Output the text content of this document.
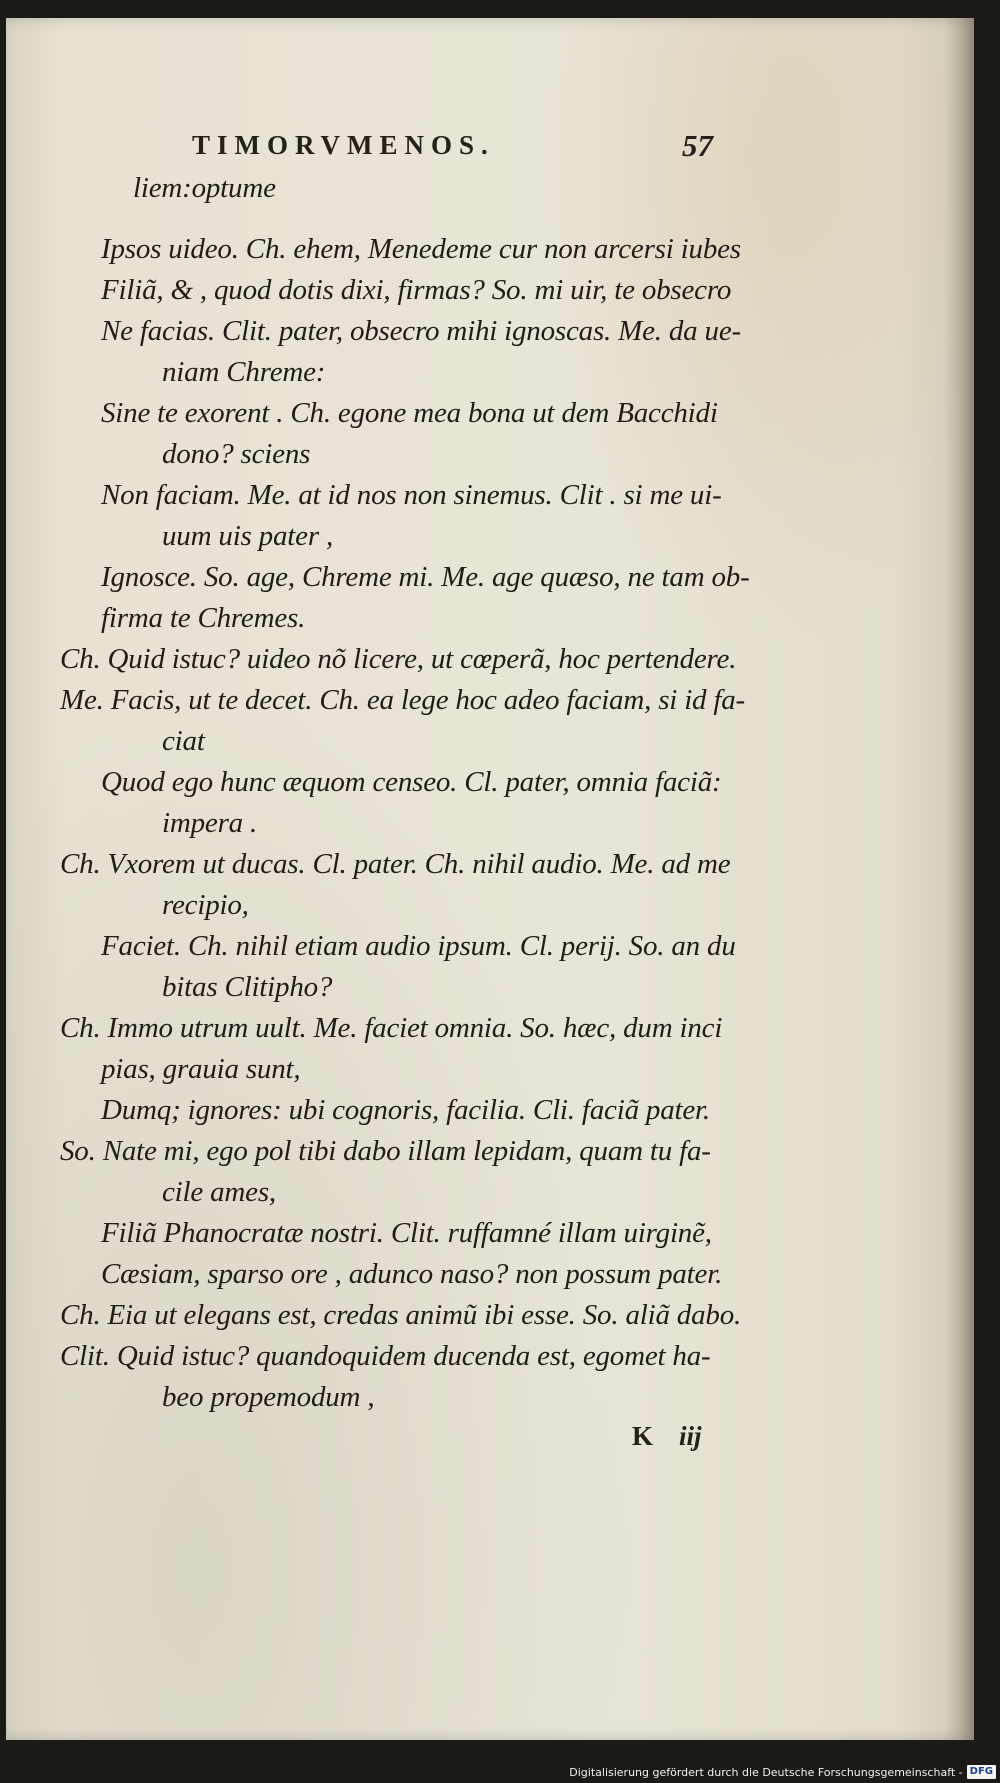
TIMORVMENOS.	57
liem:optume
Ipsos uideo. Ch. ehem, Menedeme cur non arcersi iubes
Filiã, & , quod dotis dixi, firmas? So. mi uir, te obsecro
Ne facias. Clit. pater, obsecro mihi ignoscas. Me. da ue-
niam Chreme:
Sine te exorent . Ch. egone mea bona ut dem Bacchidi
dono? sciens
Non faciam. Me. at id nos non sinemus. Clit . si me ui-
uum uis pater ,
Ignosce. So. age, Chreme mi. Me. age quæso, ne tam ob-
firma te Chremes.
Ch. Quid istuc? uideo nõ licere, ut cœperã, hoc pertendere.
Me. Facis, ut te decet. Ch. ea lege hoc adeo faciam, si id fa-
ciat
Quod ego hunc æquom censeo. Cl. pater, omnia faciã:
impera .
Ch. Vxorem ut ducas. Cl. pater. Ch. nihil audio. Me. ad me
recipio,
Faciet. Ch. nihil etiam audio ipsum. Cl. perij. So. an du
bitas Clitipho?
Ch. Immo utrum uult. Me. faciet omnia. So. hæc, dum inci
pias, grauia sunt,
Dumq; ignores: ubi cognoris, facilia. Cli. faciã pater.
So. Nate mi, ego pol tibi dabo illam lepidam, quam tu fa-
cile ames,
Filiã Phanocratæ nostri. Clit. ruffamné illam uirginẽ,
Cæsiam, sparso ore , adunco naso? non possum pater.
Ch. Eia ut elegans est, credas animũ ibi esse. So. aliã dabo.
Clit. Quid istuc? quandoquidem ducenda est, egomet ha-
beo propemodum ,
K iij
Digitalisierung gefördert durch die Deutsche Forschungsgemeinschaft - DFG
